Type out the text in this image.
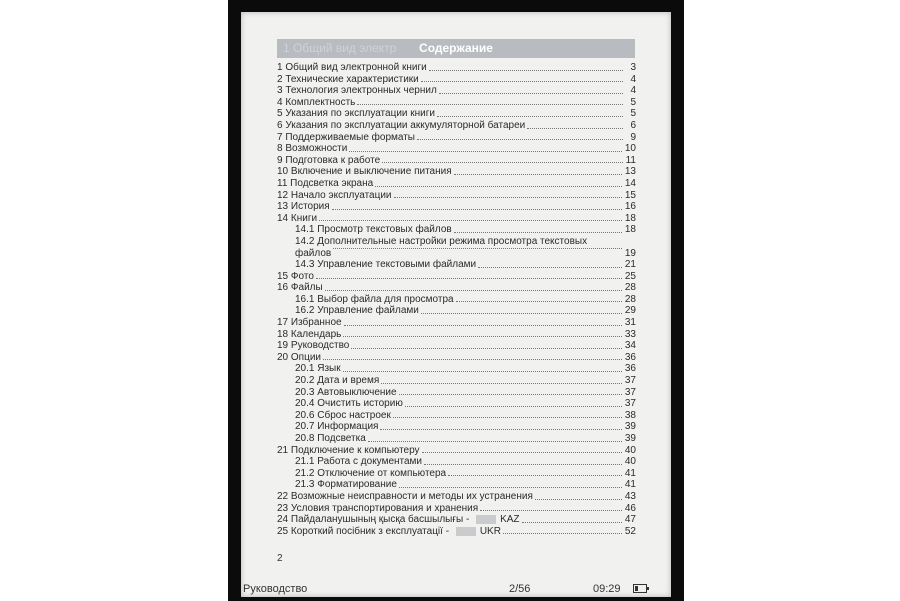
1 Общий вид электр Содержание
1 Общий вид электронной книги	3
2 Технические характеристики	4
3 Технология электронных чернил	4
4 Комплектность	5
5 Указания по эксплуатации книги	5
6 Указания по эксплуатации аккумуляторной батареи	6
7 Поддерживаемые форматы	9
8 Возможности	10
9 Подготовка к работе	11
10 Включение и выключение питания	13
11 Подсветка экрана	14
12 Начало эксплуатации	15
13 История	16
14 Книги	18
14.1 Просмотр текстовых файлов	18
14.2 Дополнительные настройки режима просмотра текстовых
файлов	19
14.3 Управление текстовыми файлами	21
15 Фото	25
16 Файлы	28
16.1 Выбор файла для просмотра	28
16.2 Управление файлами	29
17 Избранное	31
18 Календарь	33
19 Руководство	34
20 Опции	36
20.1 Язык	36
20.2 Дата и время	37
20.3 Автовыключение	37
20.4 Очистить историю	37
20.6 Сброс настроек	38
20.7 Информация	39
20.8 Подсветка	39
21 Подключение к компьютеру	40
21.1 Работа с документами	40
21.2 Отключение от компьютера	41
21.3 Форматирование	41
22 Возможные неисправности и методы их устранения	43
23 Условия транспортирования и хранения	46
24 Пайдаланушының қысқа басшылығы -	KAZ	47
25 Короткий посібник з експлуатації -	UKR	52
2
Руководство	2/56	09:29
